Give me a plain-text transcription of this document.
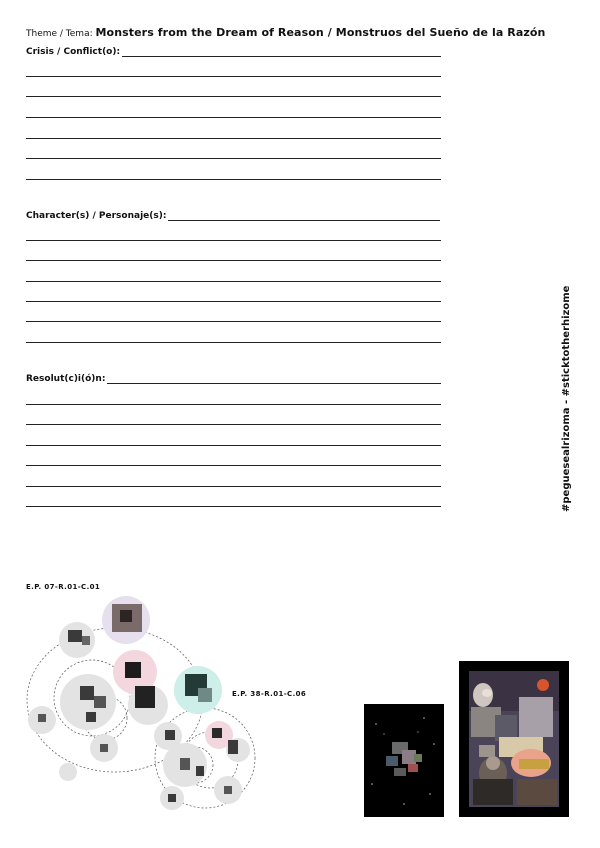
Theme / Tema: Monsters from the Dream of Reason / Monstruos del Sueño de la Razón
Crisis / Conflict(o):
Character(s) / Personaje(s):
Resolut(c)i(ó)n:	#peguesealrizoma - #sticktotherhizome
E.P. 07-R.01-C.01
E.P. 38-R.01-C.06
